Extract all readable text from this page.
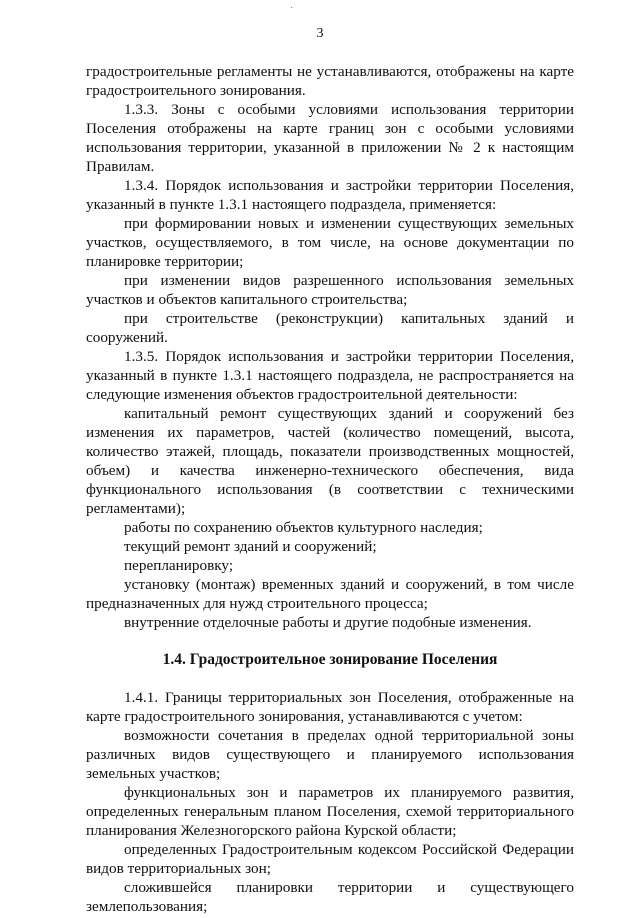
·
3
градостроительные регламенты не устанавливаются, отображены на карте
градостроительного зонирования.
1.3.3. Зоны с особыми условиями использования территории
Поселения отображены на карте границ зон с особыми условиями
использования территории, указанной в приложении № 2 к настоящим
Правилам.
1.3.4. Порядок использования и застройки территории Поселения,
указанный в пункте 1.3.1 настоящего подраздела, применяется:
при формировании новых и изменении существующих земельных
участков, осуществляемого, в том числе, на основе документации по
планировке территории;
при изменении видов разрешенного использования земельных
участков и объектов капитального строительства;
при строительстве (реконструкции) капитальных зданий и
сооружений.
1.3.5. Порядок использования и застройки территории Поселения,
указанный в пункте 1.3.1 настоящего подраздела, не распространяется на
следующие изменения объектов градостроительной деятельности:
капитальный ремонт существующих зданий и сооружений без
изменения их параметров, частей (количество помещений, высота,
количество этажей, площадь, показатели производственных мощностей,
объем) и качества инженерно-технического обеспечения, вида
функционального использования (в соответствии с техническими
регламентами);
работы по сохранению объектов культурного наследия;
текущий ремонт зданий и сооружений;
перепланировку;
установку (монтаж) временных зданий и сооружений, в том числе
предназначенных для нужд строительного процесса;
внутренние отделочные работы и другие подобные изменения.
1.4. Градостроительное зонирование Поселения
1.4.1. Границы территориальных зон Поселения, отображенные на
карте градостроительного зонирования, устанавливаются с учетом:
возможности сочетания в пределах одной территориальной зоны
различных видов существующего и планируемого использования
земельных участков;
функциональных зон и параметров их планируемого развития,
определенных генеральным планом Поселения, схемой территориального
планирования Железногорского района Курской области;
определенных Градостроительным кодексом Российской Федерации
видов территориальных зон;
сложившейся планировки территории и существующего
землепользования;
